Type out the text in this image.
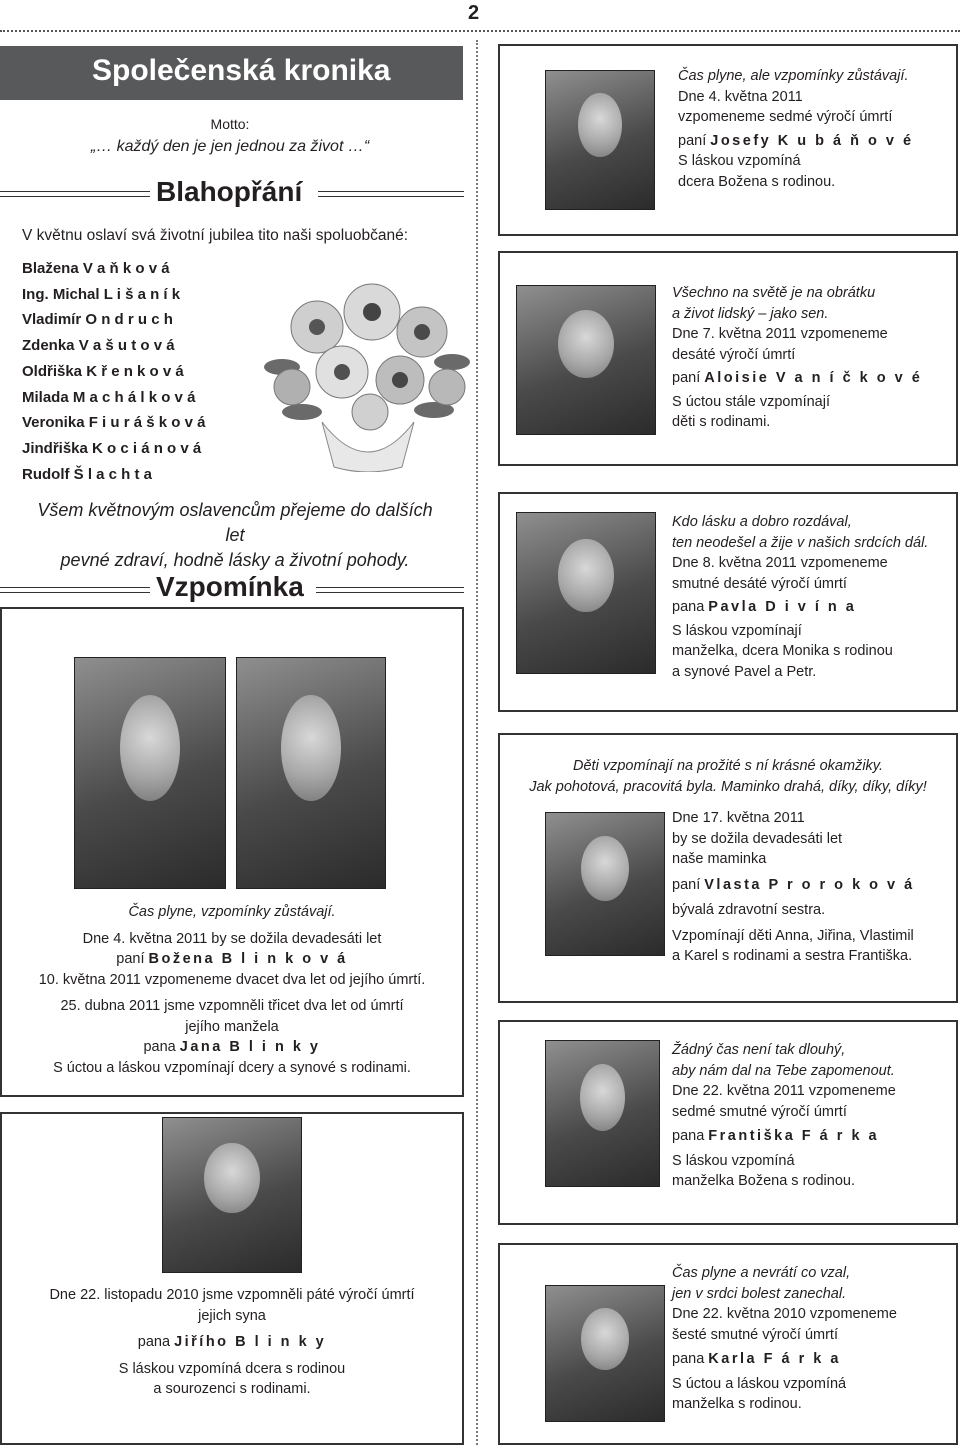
2
Společenská kronika
Motto:
„… každý den je jen jednou za život …“
Blahopřání
V květnu oslaví svá životní jubilea tito naši spoluobčané:
Blažena V a ň k o v á
Ing. Michal L i š a n í k
Vladimír O n d r u c h
Zdenka V a š u t o v á
Oldřiška K ř e n k o v á
Milada M a c h á l k o v á
Veronika F i u r á š k o v á
Jindřiška K o c i á n o v á
Rudolf Š l a c h t a
Všem květnovým oslavencům přejeme do dalších let
pevné zdraví, hodně lásky a životní pohody.
Vzpomínka
Čas plyne, vzpomínky zůstávají.
Dne 4. května 2011 by se dožila devadesáti let
paní Božena B l i n k o v á
10. května 2011 vzpomeneme dvacet dva let od jejího úmrtí.
25. dubna 2011 jsme vzpomněli třicet dva let od úmrtí
jejího manžela
pana Jana B l i n k y
S úctou a láskou vzpomínají dcery a synové s rodinami.
Dne 22. listopadu 2010 jsme vzpomněli páté výročí úmrtí
jejich syna
pana Jiřího B l i n k y
S láskou vzpomíná dcera s rodinou
a sourozenci s rodinami.
Čas plyne, ale vzpomínky zůstávají.
Dne 4. května 2011
vzpomeneme sedmé výročí úmrtí
paní Josefy K u b á ň o v é
S láskou vzpomíná
dcera Božena s rodinou.
Všechno na světě je na obrátku
a život lidský – jako sen.
Dne 7. května 2011 vzpomeneme
desáté výročí úmrtí
paní Aloisie V a n í č k o v é
S úctou stále vzpomínají
děti s rodinami.
Kdo lásku a dobro rozdával,
ten neodešel a žije v našich srdcích dál.
Dne 8. května 2011 vzpomeneme
smutné desáté výročí úmrtí
pana Pavla D i v í n a
S láskou vzpomínají
manželka, dcera Monika s rodinou
a synové Pavel a Petr.
Děti vzpomínají na prožité s ní krásné okamžiky.
Jak pohotová, pracovitá byla. Maminko drahá, díky, díky, díky!
Dne 17. května 2011
by se dožila devadesáti let
naše maminka
paní Vlasta P r o r o k o v á
bývalá zdravotní sestra.
Vzpomínají děti Anna, Jiřina, Vlastimil
a Karel s rodinami a sestra Františka.
Žádný čas není tak dlouhý,
aby nám dal na Tebe zapomenout.
Dne 22. května 2011 vzpomeneme
sedmé smutné výročí úmrtí
pana Františka F á r k a
S láskou vzpomíná
manželka Božena s rodinou.
Čas plyne a nevrátí co vzal,
jen v srdci bolest zanechal.
Dne 22. května 2010 vzpomeneme
šesté smutné výročí úmrtí
pana Karla F á r k a
S úctou a láskou vzpomíná
manželka s rodinou.
